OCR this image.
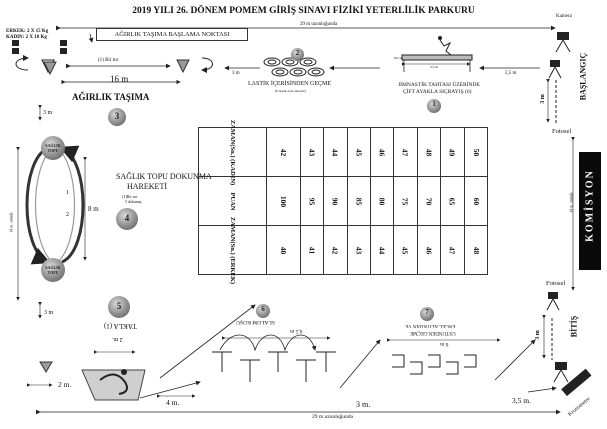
2019 YILI 26. DÖNEM POMEM GİRİŞ SINAVI FİZİKİ YETERLİLİK PARKURU
ERKEK: 2 X 15 Kg
KADIN: 2 X 10 Kg	AĞIRLIK TAŞIMA BAŞLAMA NOKTASI
(1) Bir tur
16 m
AĞIRLIK TAŞIMA
3
29 m uzunluğunda
3 m	2,5 m
2
LASTİK İÇERİSİNDEN GEÇME
(6 lastik arası mesafe)
90 cm
3,5 m
JİMNASTİK TAHTASI ÜZERİNDE
ÇİFT AYAKLA SIÇRAYIŞ (6)
1
Kamera
BAŞLANGIÇ
3 m
Fotosel
KOMİSYON
14 m. eninde
Fotosel
BİTİŞ
3 m
Kronometre
3 m
SAĞLIK TOPU
1
2
SAĞLIK TOPU DOKUNMA
HAREKETİ
(1)Bir tur
5 dokunuş
4
8 m
14 m. eninde
SAĞLIK TOPU
3 m
ZAMAN(Sn.) (KADIN)	42	43	44	45	46	47	48	49	50

PUAN	100	95	90	85	80	75	70	65	60

ZAMAN(Sn.) (ERKEK)	40	41	42	43	44	45	46	47	48
5
TAKLA (1)
2 m.
2 m.
4 m.
6
SLALOM KOŞU
6,5 m
7
ENGEL ALTINDAN VE
ÜSTÜNDEN GEÇME
6 m
29 m uzunluğunda
3 m.	3,5 m.
